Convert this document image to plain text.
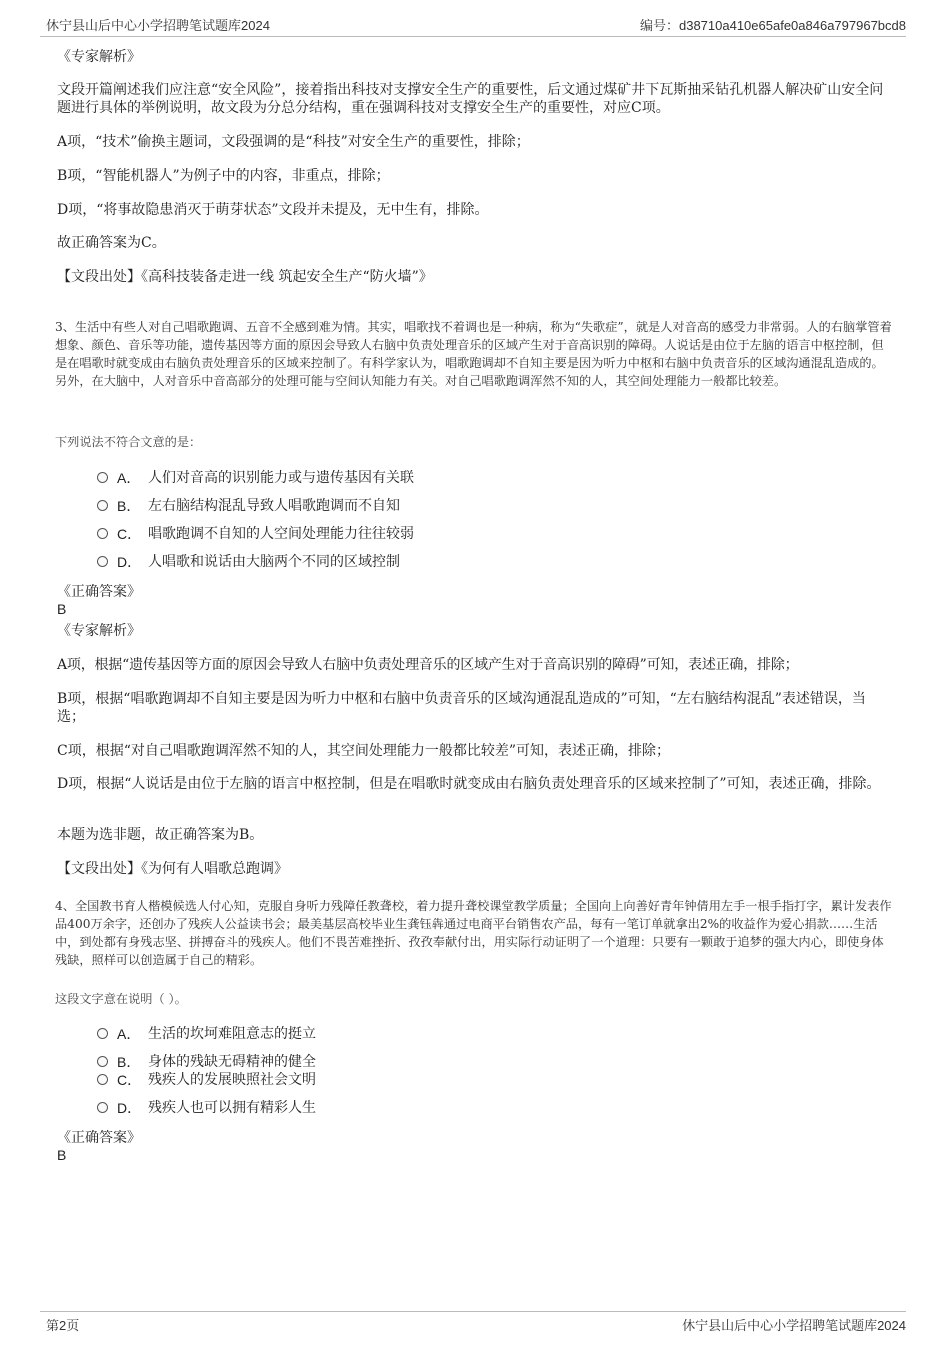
休宁县山后中心小学招聘笔试题库2024	编号：d38710a410e65afe0a846a797967bcd8
《专家解析》
文段开篇阐述我们应注意“安全风险”，接着指出科技对支撑安全生产的重要性，后文通过煤矿井下瓦斯抽采钻孔机器人解决矿山安全问题进行具体的举例说明，故文段为分总分结构，重在强调科技对支撑安全生产的重要性，对应C项。
A项，“技术”偷换主题词，文段强调的是“科技”对安全生产的重要性，排除；
B项，“智能机器人”为例子中的内容，非重点，排除；
D项，“将事故隐患消灭于萌芽状态”文段并未提及，无中生有，排除。
故正确答案为C。
【文段出处】《高科技装备走进一线 筑起安全生产“防火墙”》
3、生活中有些人对自己唱歌跑调、五音不全感到难为情。其实，唱歌找不着调也是一种病，称为“失歌症”，就是人对音高的感受力非常弱。人的右脑掌管着想象、颜色、音乐等功能，遗传基因等方面的原因会导致人右脑中负责处理音乐的区域产生对于音高识别的障碍。人说话是由位于左脑的语言中枢控制，但是在唱歌时就变成由右脑负责处理音乐的区域来控制了。有科学家认为，唱歌跑调却不自知主要是因为听力中枢和右脑中负责音乐的区域沟通混乱造成的。另外，在大脑中，人对音乐中音高部分的处理可能与空间认知能力有关。对自己唱歌跑调浑然不知的人，其空间处理能力一般都比较差。
下列说法不符合文意的是：
A． 人们对音高的识别能力或与遗传基因有关联
B． 左右脑结构混乱导致人唱歌跑调而不自知
C． 唱歌跑调不自知的人空间处理能力往往较弱
D． 人唱歌和说话由大脑两个不同的区域控制
《正确答案》
B
《专家解析》
A项，根据“遗传基因等方面的原因会导致人右脑中负责处理音乐的区域产生对于音高识别的障碍”可知，表述正确，排除；
B项，根据“唱歌跑调却不自知主要是因为听力中枢和右脑中负责音乐的区域沟通混乱造成的”可知，“左右脑结构混乱”表述错误，当选；
C项，根据“对自己唱歌跑调浑然不知的人，其空间处理能力一般都比较差”可知，表述正确，排除；
D项，根据“人说话是由位于左脑的语言中枢控制，但是在唱歌时就变成由右脑负责处理音乐的区域来控制了”可知，表述正确，排除。
本题为选非题，故正确答案为B。
【文段出处】《为何有人唱歌总跑调》
4、全国教书育人楷模候选人付心知，克服自身听力残障任教聋校，着力提升聋校课堂教学质量；全国向上向善好青年钟倩用左手一根手指打字，累计发表作品400万余字，还创办了残疾人公益读书会；最美基层高校毕业生龚钰犇通过电商平台销售农产品，每有一笔订单就拿出2%的收益作为爱心捐款……生活中，到处都有身残志坚、拼搏奋斗的残疾人。他们不畏苦难挫折、孜孜奉献付出，用实际行动证明了一个道理：只要有一颗敢于追梦的强大内心，即使身体残缺，照样可以创造属于自己的精彩。
这段文字意在说明（ ）。
A． 生活的坎坷难阻意志的挺立
B． 身体的残缺无碍精神的健全
C． 残疾人的发展映照社会文明
D． 残疾人也可以拥有精彩人生
《正确答案》
B
第2页	休宁县山后中心小学招聘笔试题库2024
